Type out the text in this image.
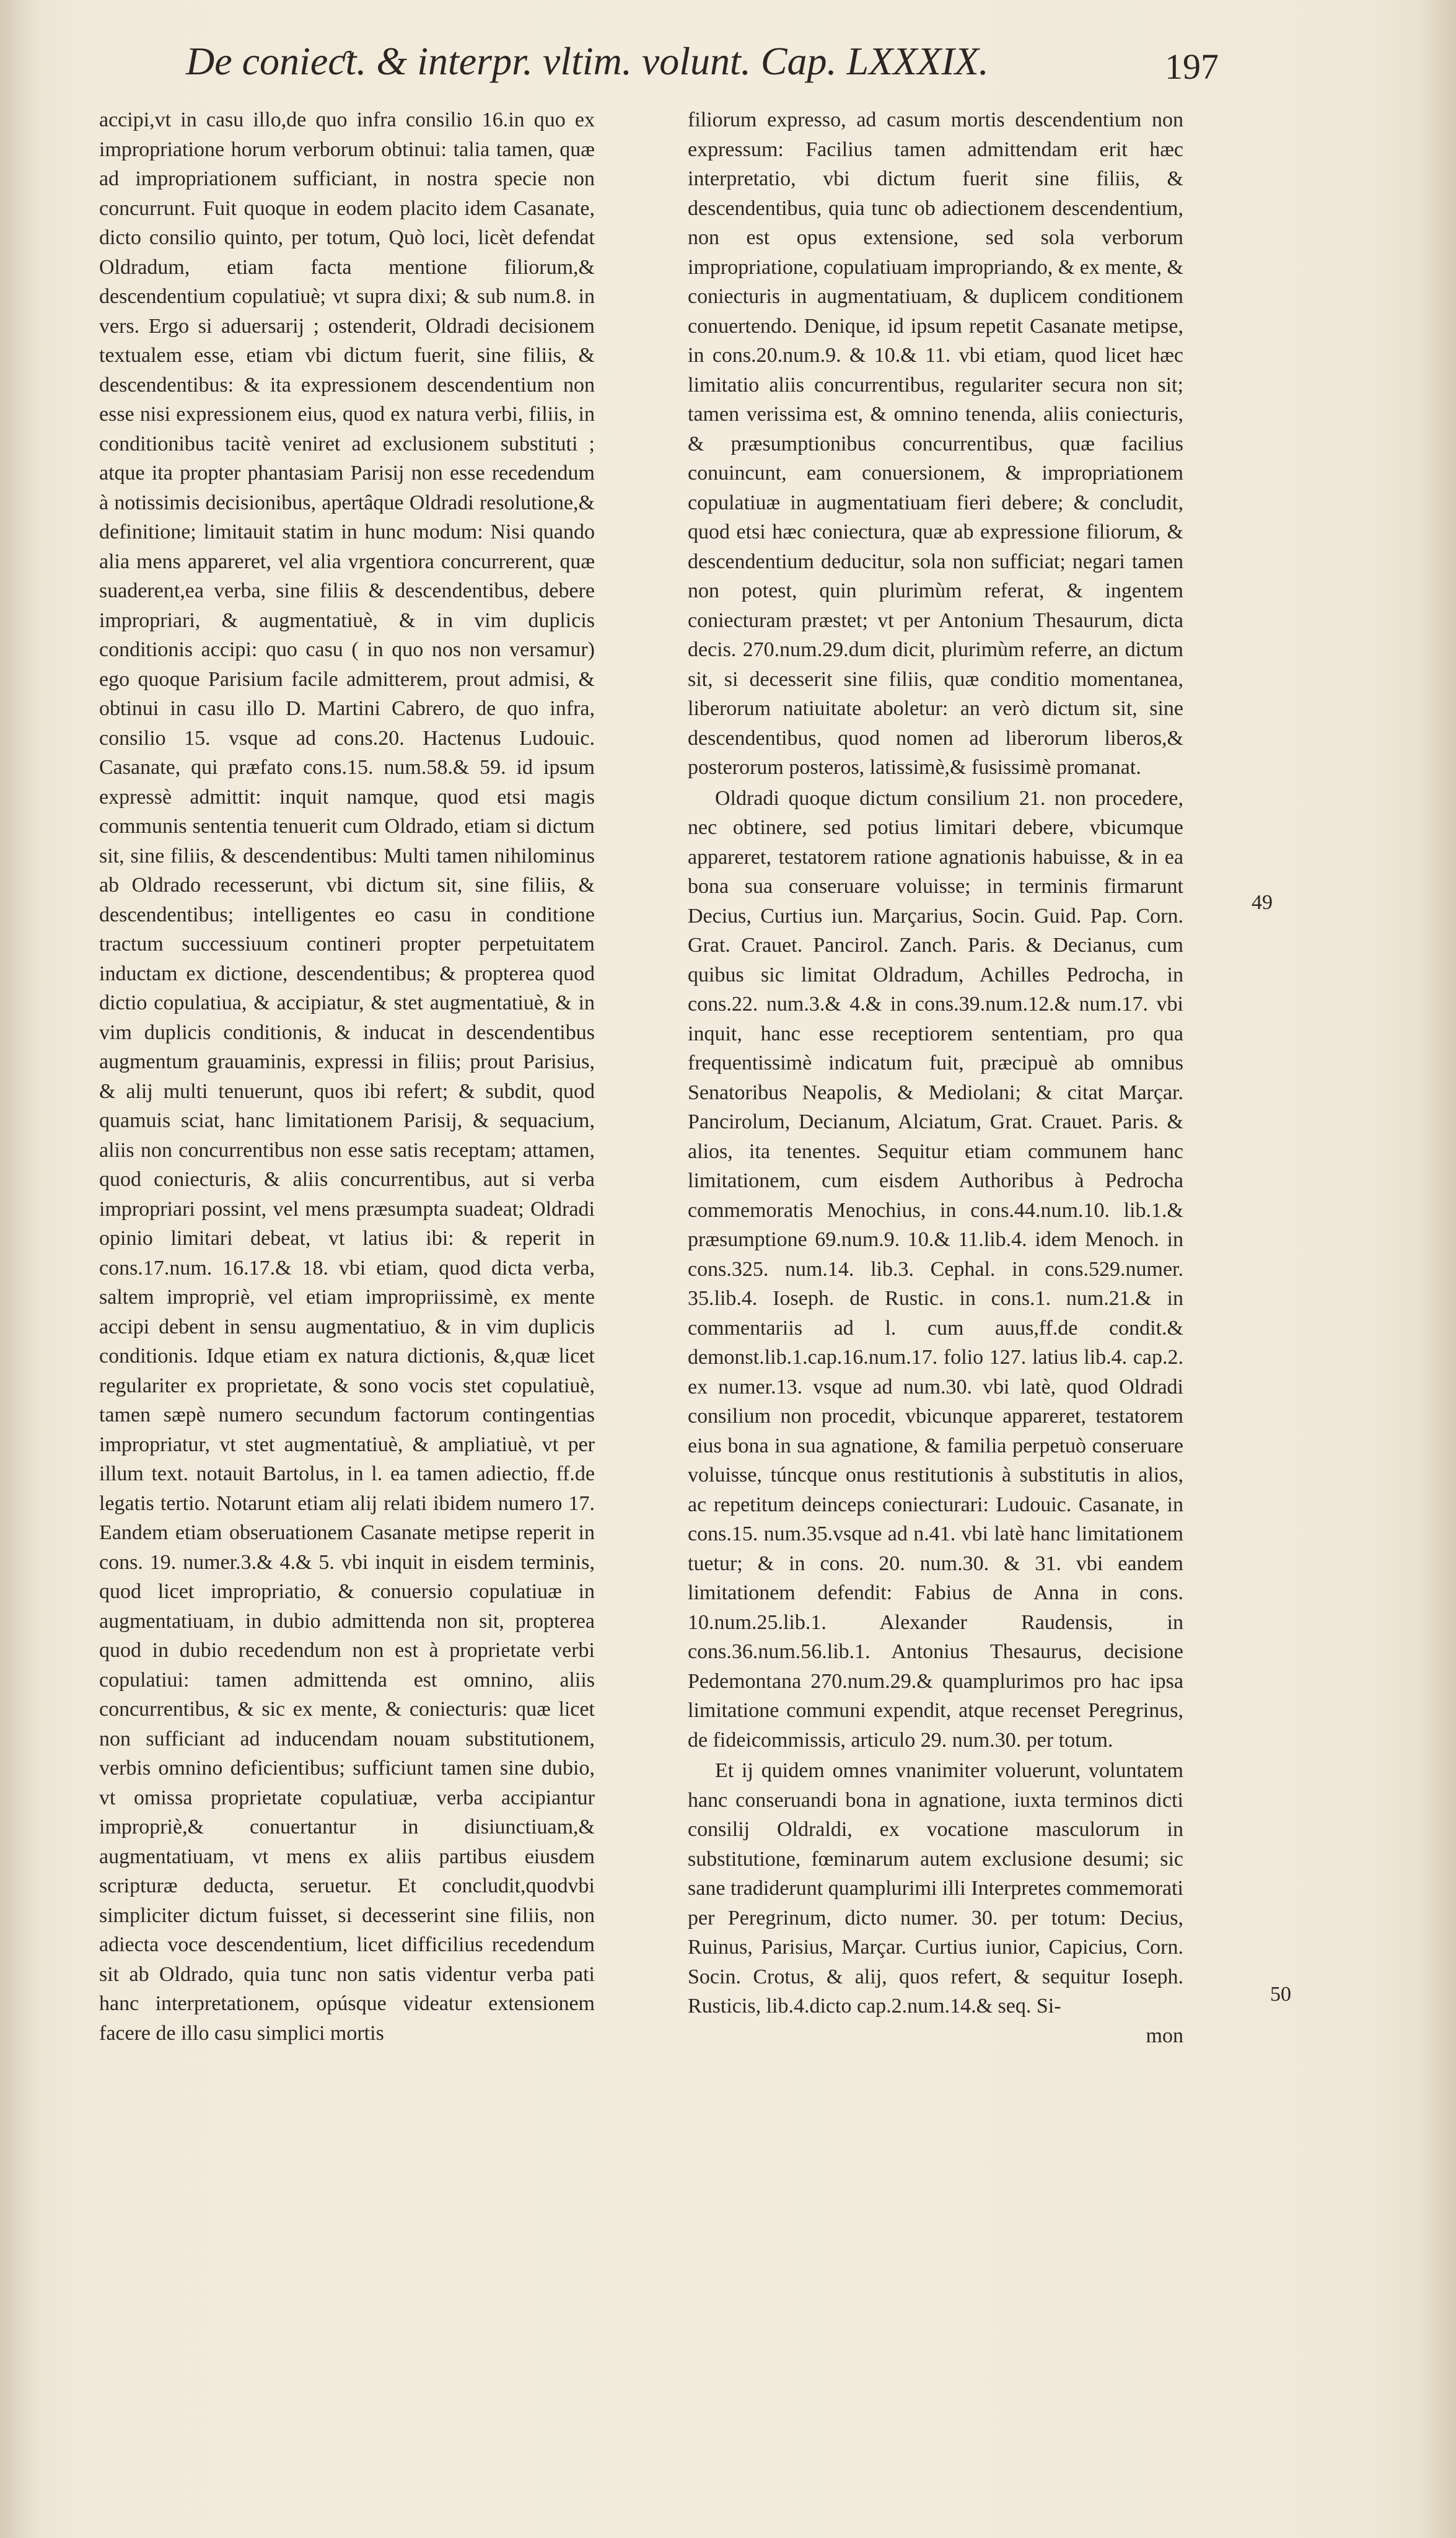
De conieƈt. & interpr. vltim. volunt. Cap. LXXXIX.	197

accipi,vt in casu illo,de quo infra consilio 16.in quo ex impropriatione horum verborum obtinui: talia tamen, quæ ad impropriationem sufficiant, in nostra specie non concurrunt. Fuit quoque in eodem placito idem Casanate, dicto consilio quinto, per totum, Quò loci, licèt defendat Oldradum, etiam facta mentione filiorum,& descendentium copulatiuè; vt supra dixi; & sub num.8. in vers. Ergo si aduersarij ; ostenderit, Oldradi decisionem textualem esse, etiam vbi dictum fuerit, sine filiis, & descendentibus: & ita expressionem descendentium non esse nisi expressionem eius, quod ex natura verbi, filiis, in conditionibus tacitè veniret ad exclusionem substituti ; atque ita propter phantasiam Parisij non esse recedendum à notissimis decisionibus, apertâque Oldradi resolutione,& definitione; limitauit statim in hunc modum: Nisi quando alia mens appareret, vel alia vrgentiora concurrerent, quæ suaderent,ea verba, sine filiis & descendentibus, debere impropriari, & augmentatiuè, & in vim duplicis conditionis accipi: quo casu ( in quo nos non versamur) ego quoque Parisium facile admitterem, prout admisi, & obtinui in casu illo D. Martini Cabrero, de quo infra, consilio 15. vsque ad cons.20. Hactenus Ludouic. Casanate, qui præfato cons.15. num.58.& 59. id ipsum expressè admittit: inquit namque, quod etsi magis communis sententia tenuerit cum Oldrado, etiam si dictum sit, sine filiis, & descendentibus: Multi tamen nihilominus ab Oldrado recesserunt, vbi dictum sit, sine filiis, & descendentibus; intelligentes eo casu in conditione tractum successiuum contineri propter perpetuitatem inductam ex dictione, descendentibus; & propterea quod dictio copulatiua, & accipiatur, & stet augmentatiuè, & in vim duplicis conditionis, & inducat in descendentibus augmentum grauaminis, expressi in filiis; prout Parisius, & alij multi tenuerunt, quos ibi refert; & subdit, quod quamuis sciat, hanc limitationem Parisij, & sequacium, aliis non concurrentibus non esse satis receptam; attamen, quod coniecturis, & aliis concurrentibus, aut si verba impropriari possint, vel mens præsumpta suadeat; Oldradi opinio limitari debeat, vt latius ibi: & reperit in cons.17.num. 16.17.& 18. vbi etiam, quod dicta verba, saltem impropriè, vel etiam impropriissimè, ex mente accipi debent in sensu augmentatiuo, & in vim duplicis conditionis. Idque etiam ex natura dictionis, &,quæ licet regulariter ex proprietate, & sono vocis stet copulatiuè, tamen sæpè numero secundum factorum contingentias impropriatur, vt stet augmentatiuè, & ampliatiuè, vt per illum text. notauit Bartolus, in l. ea tamen adiectio, ff.de legatis tertio. Notarunt etiam alij relati ibidem numero 17. Eandem etiam obseruationem Casanate metipse reperit in cons. 19. numer.3.& 4.& 5. vbi inquit in eisdem terminis, quod licet impropriatio, & conuersio copulatiuæ in augmentatiuam, in dubio admittenda non sit, propterea quod in dubio recedendum non est à proprietate verbi copulatiui: tamen admittenda est omnino, aliis concurrentibus, & sic ex mente, & coniecturis: quæ licet non sufficiant ad inducendam nouam substitutionem, verbis omnino deficientibus; sufficiunt tamen sine dubio, vt omissa proprietate copulatiuæ, verba accipiantur impropriè,& conuertantur in disiunctiuam,& augmentatiuam, vt mens ex aliis partibus eiusdem scripturæ deducta, seruetur. Et concludit,quodvbi simpliciter dictum fuisset, si decesserint sine filiis, non adiecta voce descendentium, licet difficilius recedendum sit ab Oldrado, quia tunc non satis videntur verba pati hanc interpretationem, opúsque videatur extensionem facere de illo casu simplici mortis

filiorum expresso, ad casum mortis descendentium non expressum: Facilius tamen admittendam erit hæc interpretatio, vbi dictum fuerit sine filiis, & descendentibus, quia tunc ob adiectionem descendentium, non est opus extensione, sed sola verborum impropriatione, copulatiuam impropriando, & ex mente, & coniecturis in augmentatiuam, & duplicem conditionem conuertendo. Denique, id ipsum repetit Casanate metipse, in cons.20.num.9. & 10.& 11. vbi etiam, quod licet hæc limitatio aliis concurrentibus, regulariter secura non sit; tamen verissima est, & omnino tenenda, aliis coniecturis, & præsumptionibus concurrentibus, quæ facilius conuincunt, eam conuersionem, & impropriationem copulatiuæ in augmentatiuam fieri debere; & concludit, quod etsi hæc coniectura, quæ ab expressione filiorum, & descendentium deducitur, sola non sufficiat; negari tamen non potest, quin plurimùm referat, & ingentem coniecturam præstet; vt per Antonium Thesaurum, dicta decis. 270.num.29.dum dicit, plurimùm referre, an dictum sit, si decesserit sine filiis, quæ conditio momentanea, liberorum natiuitate aboletur: an verò dictum sit, sine descendentibus, quod nomen ad liberorum liberos,& posterorum posteros, latissimè,& fusissimè promanat.

Oldradi quoque dictum consilium 21. non procedere, nec obtinere, sed potius limitari debere, vbicumque appareret, testatorem ratione agnationis habuisse, & in ea bona sua conseruare voluisse; in terminis firmarunt Decius, Curtius iun. Marçarius, Socin. Guid. Pap. Corn. Grat. Crauet. Pancirol. Zanch. Paris. & Decianus, cum quibus sic limitat Oldradum, Achilles Pedrocha, in cons.22. num.3.& 4.& in cons.39.num.12.& num.17. vbi inquit, hanc esse receptiorem sententiam, pro qua frequentissimè indicatum fuit, præcipuè ab omnibus Senatoribus Neapolis, & Mediolani; & citat Marçar. Pancirolum, Decianum, Alciatum, Grat. Crauet. Paris. & alios, ita tenentes. Sequitur etiam communem hanc limitationem, cum eisdem Authoribus à Pedrocha commemoratis Menochius, in cons.44.num.10. lib.1.& præsumptione 69.num.9. 10.& 11.lib.4. idem Menoch. in cons.325. num.14. lib.3. Cephal. in cons.529.numer. 35.lib.4. Ioseph. de Rustic. in cons.1. num.21.& in commentariis ad l. cum auus,ff.de condit.& demonst.lib.1.cap.16.num.17. folio 127. latius lib.4. cap.2. ex numer.13. vsque ad num.30. vbi latè, quod Oldradi consilium non procedit, vbicunque appareret, testatorem eius bona in sua agnatione, & familia perpetuò conseruare voluisse, túncque onus restitutionis à substitutis in alios, ac repetitum deinceps coniecturari: Ludouic. Casanate, in cons.15. num.35.vsque ad n.41. vbi latè hanc limitationem tuetur; & in cons. 20. num.30. & 31. vbi eandem limitationem defendit: Fabius de Anna in cons. 10.num.25.lib.1. Alexander Raudensis, in cons.36.num.56.lib.1. Antonius Thesaurus, decisione Pedemontana 270.num.29.& quamplurimos pro hac ipsa limitatione communi expendit, atque recenset Peregrinus, de fideicommissis, articulo 29. num.30. per totum.

Et ij quidem omnes vnanimiter voluerunt, voluntatem hanc conseruandi bona in agnatione, iuxta terminos dicti consilij Oldraldi, ex vocatione masculorum in substitutione, fœminarum autem exclusione desumi; sic sane tradiderunt quamplurimi illi Interpretes commemorati per Peregrinum, dicto numer. 30. per totum: Decius, Ruinus, Parisius, Marçar. Curtius iunior, Capicius, Corn. Socin. Crotus, & alij, quos refert, & sequitur Ioseph. Rusticis, lib.4.dicto cap.2.num.14.& seq. Si-

mon

49
50
